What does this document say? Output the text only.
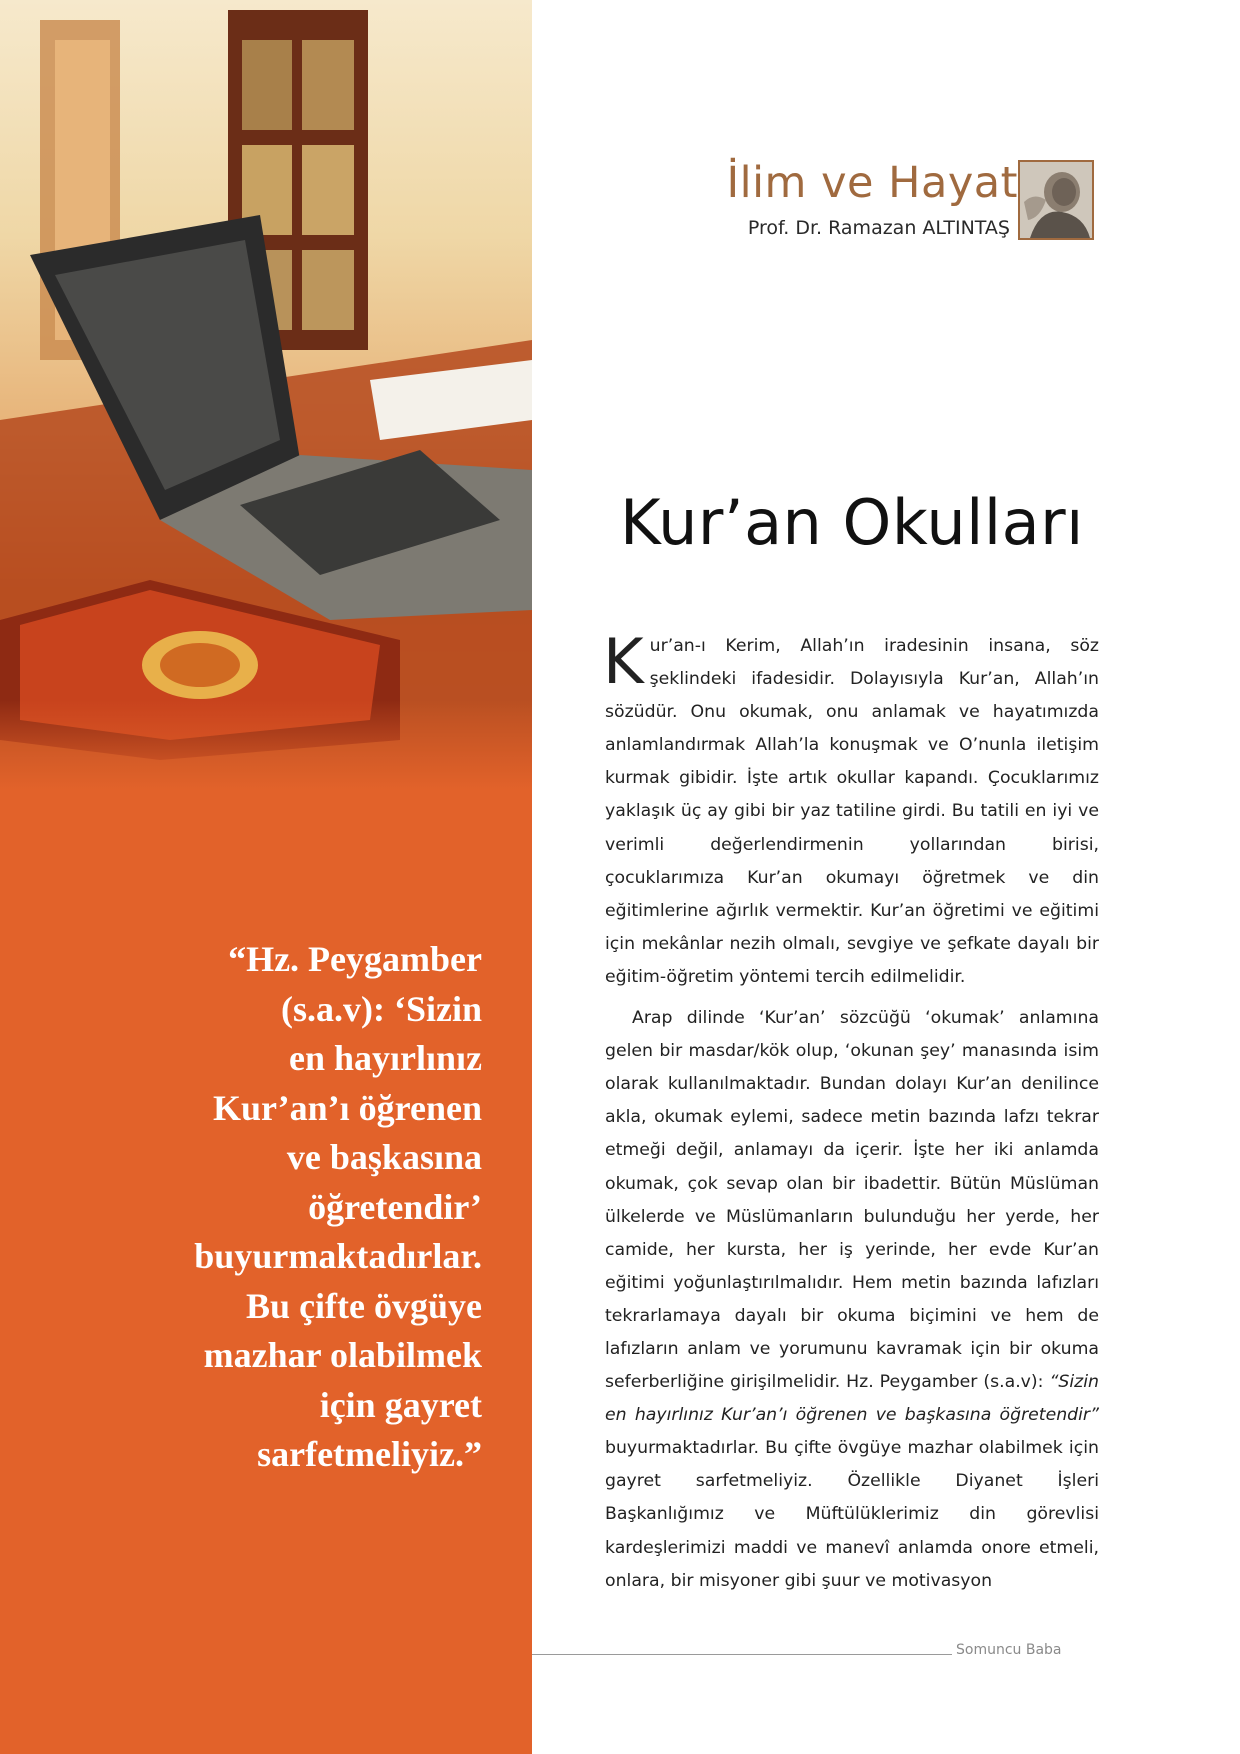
“Hz. Peygamber
(s.a.v): ‘Sizin
en hayırlınız
Kur’an’ı öğrenen
ve başkasına
öğretendir’
buyurmaktadırlar.
Bu çifte övgüye
mazhar olabilmek
için gayret
sarfetmeliyiz.”
İlim ve Hayat
Prof. Dr. Ramazan ALTINTAŞ
Kur’an Okulları

Kur’an-ı Kerim, Allah’ın iradesinin insana, söz şeklindeki ifadesidir. Dolayısıyla Kur’an, Allah’ın sözüdür. Onu okumak, onu anlamak ve hayatımızda anlamlandırmak Allah’la konuşmak ve O’nunla iletişim kurmak gibidir. İşte artık okullar kapandı. Çocuklarımız yaklaşık üç ay gibi bir yaz tatiline girdi. Bu tatili en iyi ve verimli değerlendirmenin yollarından birisi, çocuklarımıza Kur’an okumayı öğretmek ve din eğitimlerine ağırlık vermektir. Kur’an öğretimi ve eğitimi için mekânlar nezih olmalı, sevgiye ve şefkate dayalı bir eğitim-öğretim yöntemi tercih edilmelidir.

Arap dilinde ‘Kur’an’ sözcüğü ‘okumak’ anlamına gelen bir masdar/kök olup, ‘okunan şey’ manasında isim olarak kullanılmaktadır. Bundan dolayı Kur’an denilince akla, okumak eylemi, sadece metin bazında lafzı tekrar etmeği değil, anlamayı da içerir. İşte her iki anlamda okumak, çok sevap olan bir ibadettir. Bütün Müslüman ülkelerde ve Müslümanların bulunduğu her yerde, her camide, her kursta, her iş yerinde, her evde Kur’an eğitimi yoğunlaştırılmalıdır. Hem metin bazında lafızları tekrarlamaya dayalı bir okuma biçimini ve hem de lafızların anlam ve yorumunu kavramak için bir okuma seferberliğine girişilmelidir. Hz. Peygamber (s.a.v): “Sizin en hayırlınız Kur’an’ı öğrenen ve başkasına öğretendir” buyurmaktadırlar. Bu çifte övgüye mazhar olabilmek için gayret sarfetmeliyiz. Özellikle Diyanet İşleri Başkanlığımız ve Müftülüklerimiz din görevlisi kardeşlerimizi maddi ve manevî anlamda onore etmeli, onlara, bir misyoner gibi şuur ve motivasyon

Somuncu Baba
